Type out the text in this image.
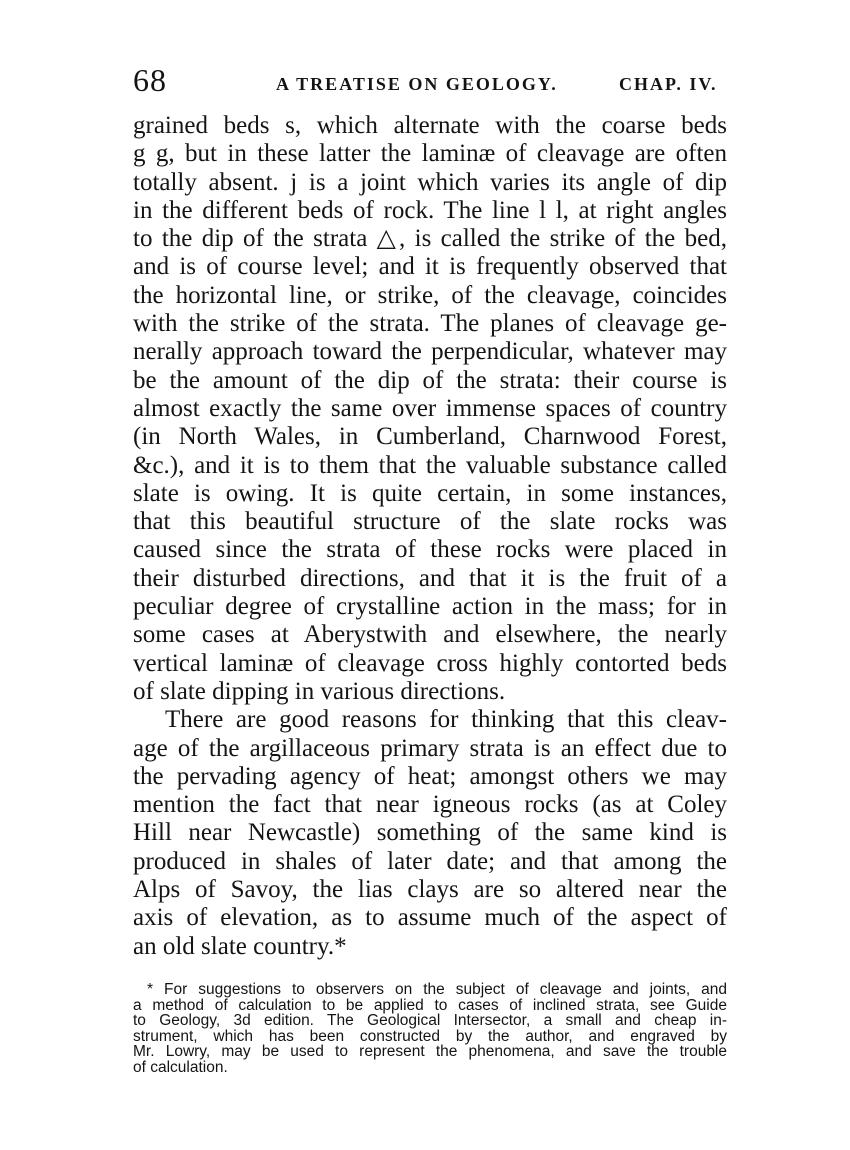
68	A TREATISE ON GEOLOGY.	CHAP. IV.
grained beds s, which alternate with the coarse beds
g g, but in these latter the laminæ of cleavage are often
totally absent. j is a joint which varies its angle of dip
in the different beds of rock. The line l l, at right angles
to the dip of the strata △, is called the strike of the bed,
and is of course level; and it is frequently observed that
the horizontal line, or strike, of the cleavage, coincides
with the strike of the strata. The planes of cleavage ge-
nerally approach toward the perpendicular, whatever may
be the amount of the dip of the strata: their course is
almost exactly the same over immense spaces of country
(in North Wales, in Cumberland, Charnwood Forest,
&c.), and it is to them that the valuable substance called
slate is owing. It is quite certain, in some instances,
that this beautiful structure of the slate rocks was
caused since the strata of these rocks were placed in
their disturbed directions, and that it is the fruit of a
peculiar degree of crystalline action in the mass; for in
some cases at Aberystwith and elsewhere, the nearly
vertical laminæ of cleavage cross highly contorted beds
of slate dipping in various directions.
There are good reasons for thinking that this cleav-
age of the argillaceous primary strata is an effect due to
the pervading agency of heat; amongst others we may
mention the fact that near igneous rocks (as at Coley
Hill near Newcastle) something of the same kind is
produced in shales of later date; and that among the
Alps of Savoy, the lias clays are so altered near the
axis of elevation, as to assume much of the aspect of
an old slate country.*
* For suggestions to observers on the subject of cleavage and joints, and
a method of calculation to be applied to cases of inclined strata, see Guide
to Geology, 3d edition. The Geological Intersector, a small and cheap in-
strument, which has been constructed by the author, and engraved by
Mr. Lowry, may be used to represent the phenomena, and save the trouble
of calculation.
